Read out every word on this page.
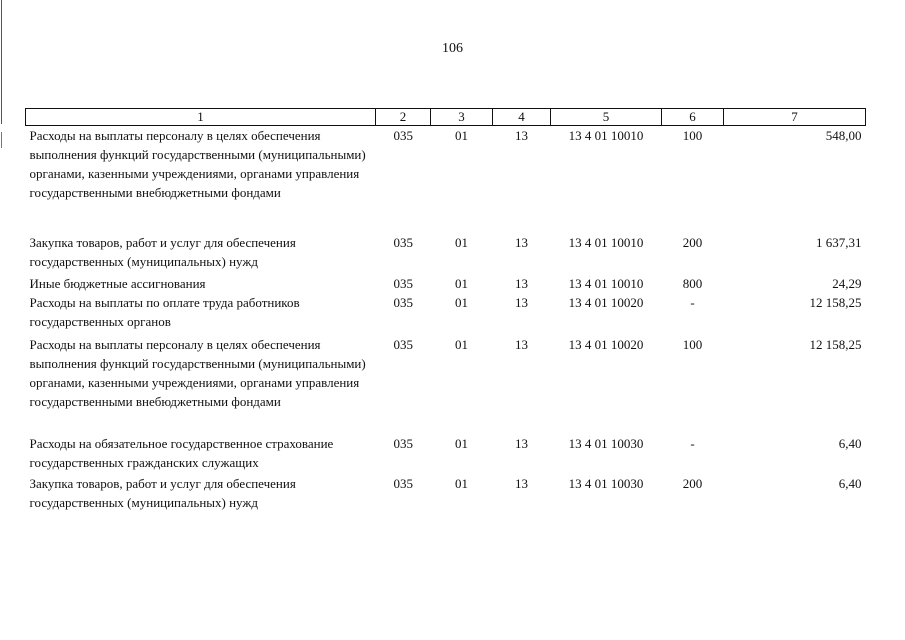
106
1	2	3	4	5	6	7
Расходы на выплаты персоналу в целях обеспечения выполнения функций государственными (муниципальными) органами, казенными учреждениями, органами управления государственными внебюджетными фондами	035	01	13	13 4 01 10010	100	548,00
Закупка товаров, работ и услуг для обеспечения государственных (муниципальных) нужд	035	01	13	13 4 01 10010	200	1 637,31
Иные бюджетные ассигнования	035	01	13	13 4 01 10010	800	24,29
Расходы на выплаты по оплате труда работников государственных органов	035	01	13	13 4 01 10020	-	12 158,25
Расходы на выплаты персоналу в целях обеспечения выполнения функций государственными (муниципальными) органами, казенными учреждениями, органами управления государственными внебюджетными фондами	035	01	13	13 4 01 10020	100	12 158,25
Расходы на обязательное государственное страхование государственных гражданских служащих	035	01	13	13 4 01 10030	-	6,40
Закупка товаров, работ и услуг для обеспечения государственных (муниципальных) нужд	035	01	13	13 4 01 10030	200	6,40
